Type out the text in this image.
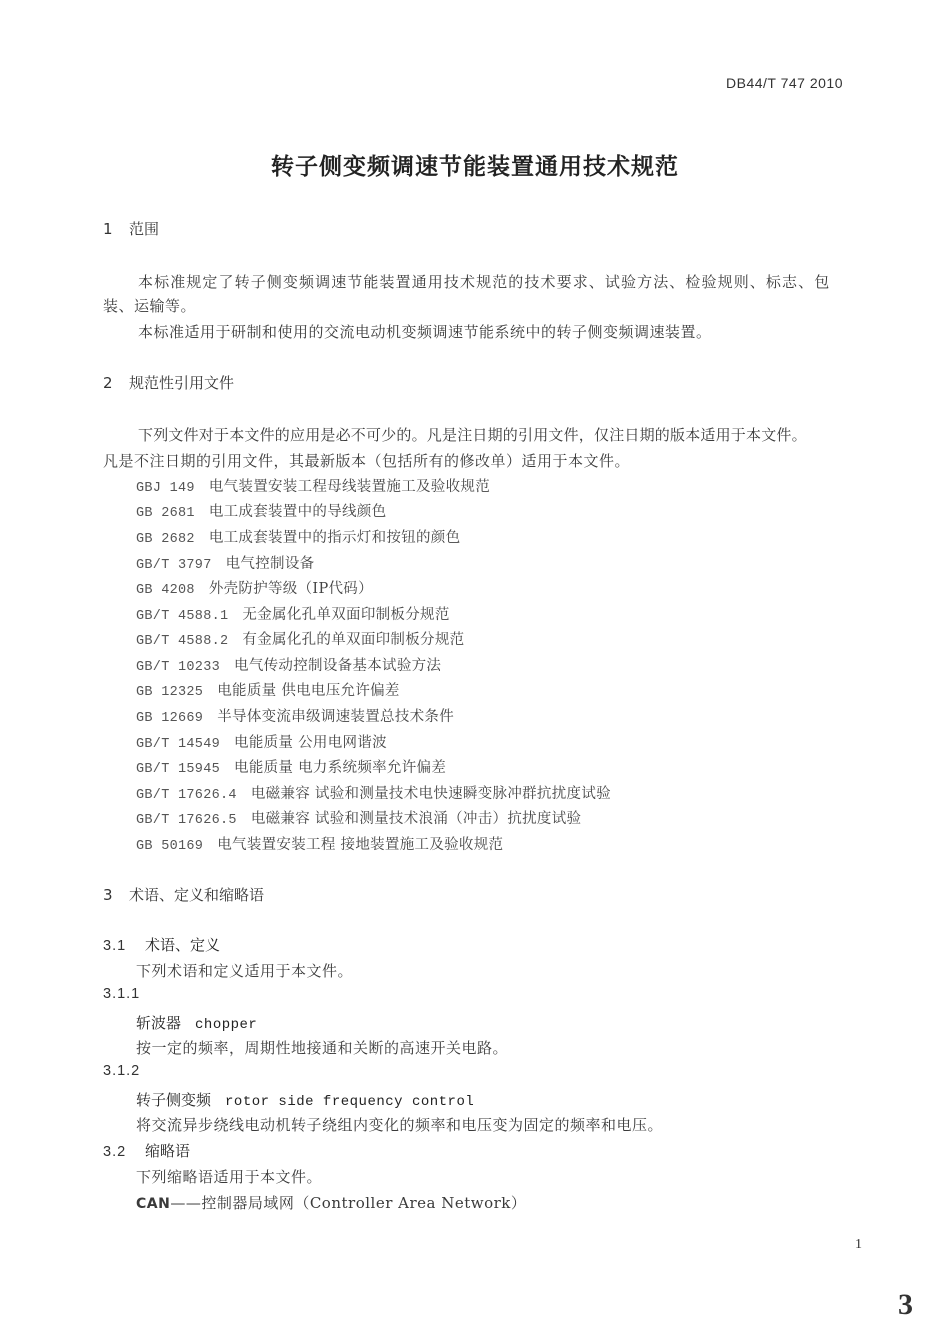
DB44/T 747 2010
转子侧变频调速节能装置通用技术规范
1 范围
本标准规定了转子侧变频调速节能装置通用技术规范的技术要求、试验方法、检验规则、标志、包
装、运输等。
本标准适用于研制和使用的交流电动机变频调速节能系统中的转子侧变频调速装置。
2 规范性引用文件
下列文件对于本文件的应用是必不可少的。凡是注日期的引用文件，仅注日期的版本适用于本文件。
凡是不注日期的引用文件，其最新版本（包括所有的修改单）适用于本文件。
GBJ 149 电气装置安装工程母线装置施工及验收规范
GB 2681 电工成套装置中的导线颜色
GB 2682 电工成套装置中的指示灯和按钮的颜色
GB/T 3797 电气控制设备
GB 4208 外壳防护等级（IP代码）
GB/T 4588.1 无金属化孔单双面印制板分规范
GB/T 4588.2 有金属化孔的单双面印制板分规范
GB/T 10233 电气传动控制设备基本试验方法
GB 12325 电能质量 供电电压允许偏差
GB 12669 半导体变流串级调速装置总技术条件
GB/T 14549 电能质量 公用电网谐波
GB/T 15945 电能质量 电力系统频率允许偏差
GB/T 17626.4 电磁兼容 试验和测量技术电快速瞬变脉冲群抗扰度试验
GB/T 17626.5 电磁兼容 试验和测量技术浪涌（冲击）抗扰度试验
GB 50169 电气装置安装工程 接地装置施工及验收规范
3 术语、定义和缩略语
3.1 术语、定义
下列术语和定义适用于本文件。
3.1.1
斩波器 chopper
按一定的频率，周期性地接通和关断的高速开关电路。
3.1.2
转子侧变频 rotor side frequency control
将交流异步绕线电动机转子绕组内变化的频率和电压变为固定的频率和电压。
3.2 缩略语
下列缩略语适用于本文件。
CAN——控制器局域网（Controller Area Network）
1
3
